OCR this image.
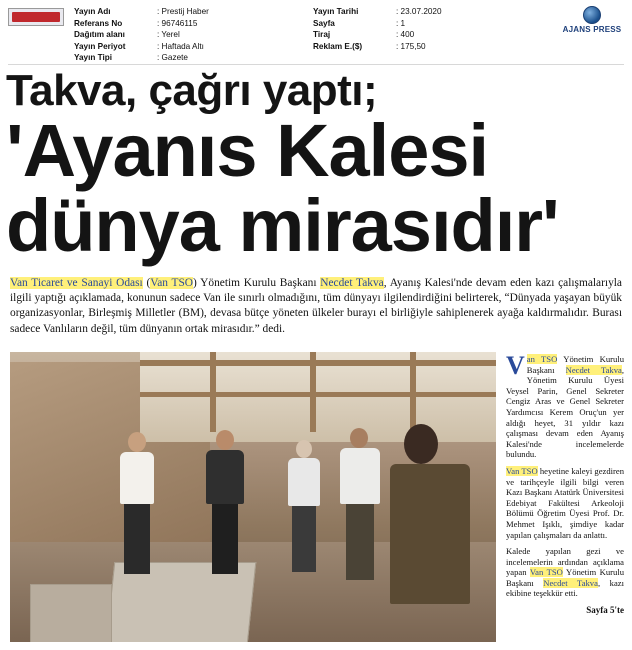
Yayın Adı	: Prestij Haber
Referans No	: 96746115
Dağıtım alanı	: Yerel
Yayın Periyot	: Haftada Altı
Yayın Tipi	: Gazete
Yayın Tarihi	: 23.07.2020
Sayfa	: 1
Tiraj	: 400
Reklam E.($)	: 175,50
AJANS PRESS
Takva, çağrı yaptı;
'Ayanıs Kalesi
dünya mirasıdır'
Van Ticaret ve Sanayi Odası (Van TSO) Yönetim Kurulu Başkanı Necdet Takva, Ayanış Kalesi'nde devam eden kazı çalışmalarıyla ilgili yaptığı açıklamada, konunun sadece Van ile sınırlı olmadığını, tüm dünyayı ilgilendirdiğini belirterek, “Dünyada yaşayan büyük organizasyonlar, Birleşmiş Milletler (BM), devasa bütçe yöneten ülkeler burayı el birliğiyle sahiplenerek ayağa kaldırmalıdır. Burası sadece Vanlıların değil, tüm dünyanın ortak mirasıdır.” dedi.

Van TSO Yönetim Kurulu Başkanı Necdet Takva, Yönetim Kurulu Üyesi Veysel Parin, Genel Sekreter Cengiz Aras ve Genel Sekreter Yardımcısı Kerem Oruç'un yer aldığı heyet, 31 yıldır kazı çalışması devam eden Ayanış Kalesi'nde incelemelerde bulundu.

Van TSO heyetine kaleyi gezdiren ve tarihçeyle ilgili bilgi veren Kazı Başkanı Atatürk Üniversitesi Edebiyat Fakültesi Arkeoloji Bölümü Öğretim Üyesi Prof. Dr. Mehmet Işıklı, şimdiye kadar yapılan çalışmaları da anlattı.

Kalede yapılan gezi ve incelemelerin ardından açıklama yapan Van TSO Yönetim Kurulu Başkanı Necdet Takva, kazı ekibine teşekkür etti.

Sayfa 5'te
